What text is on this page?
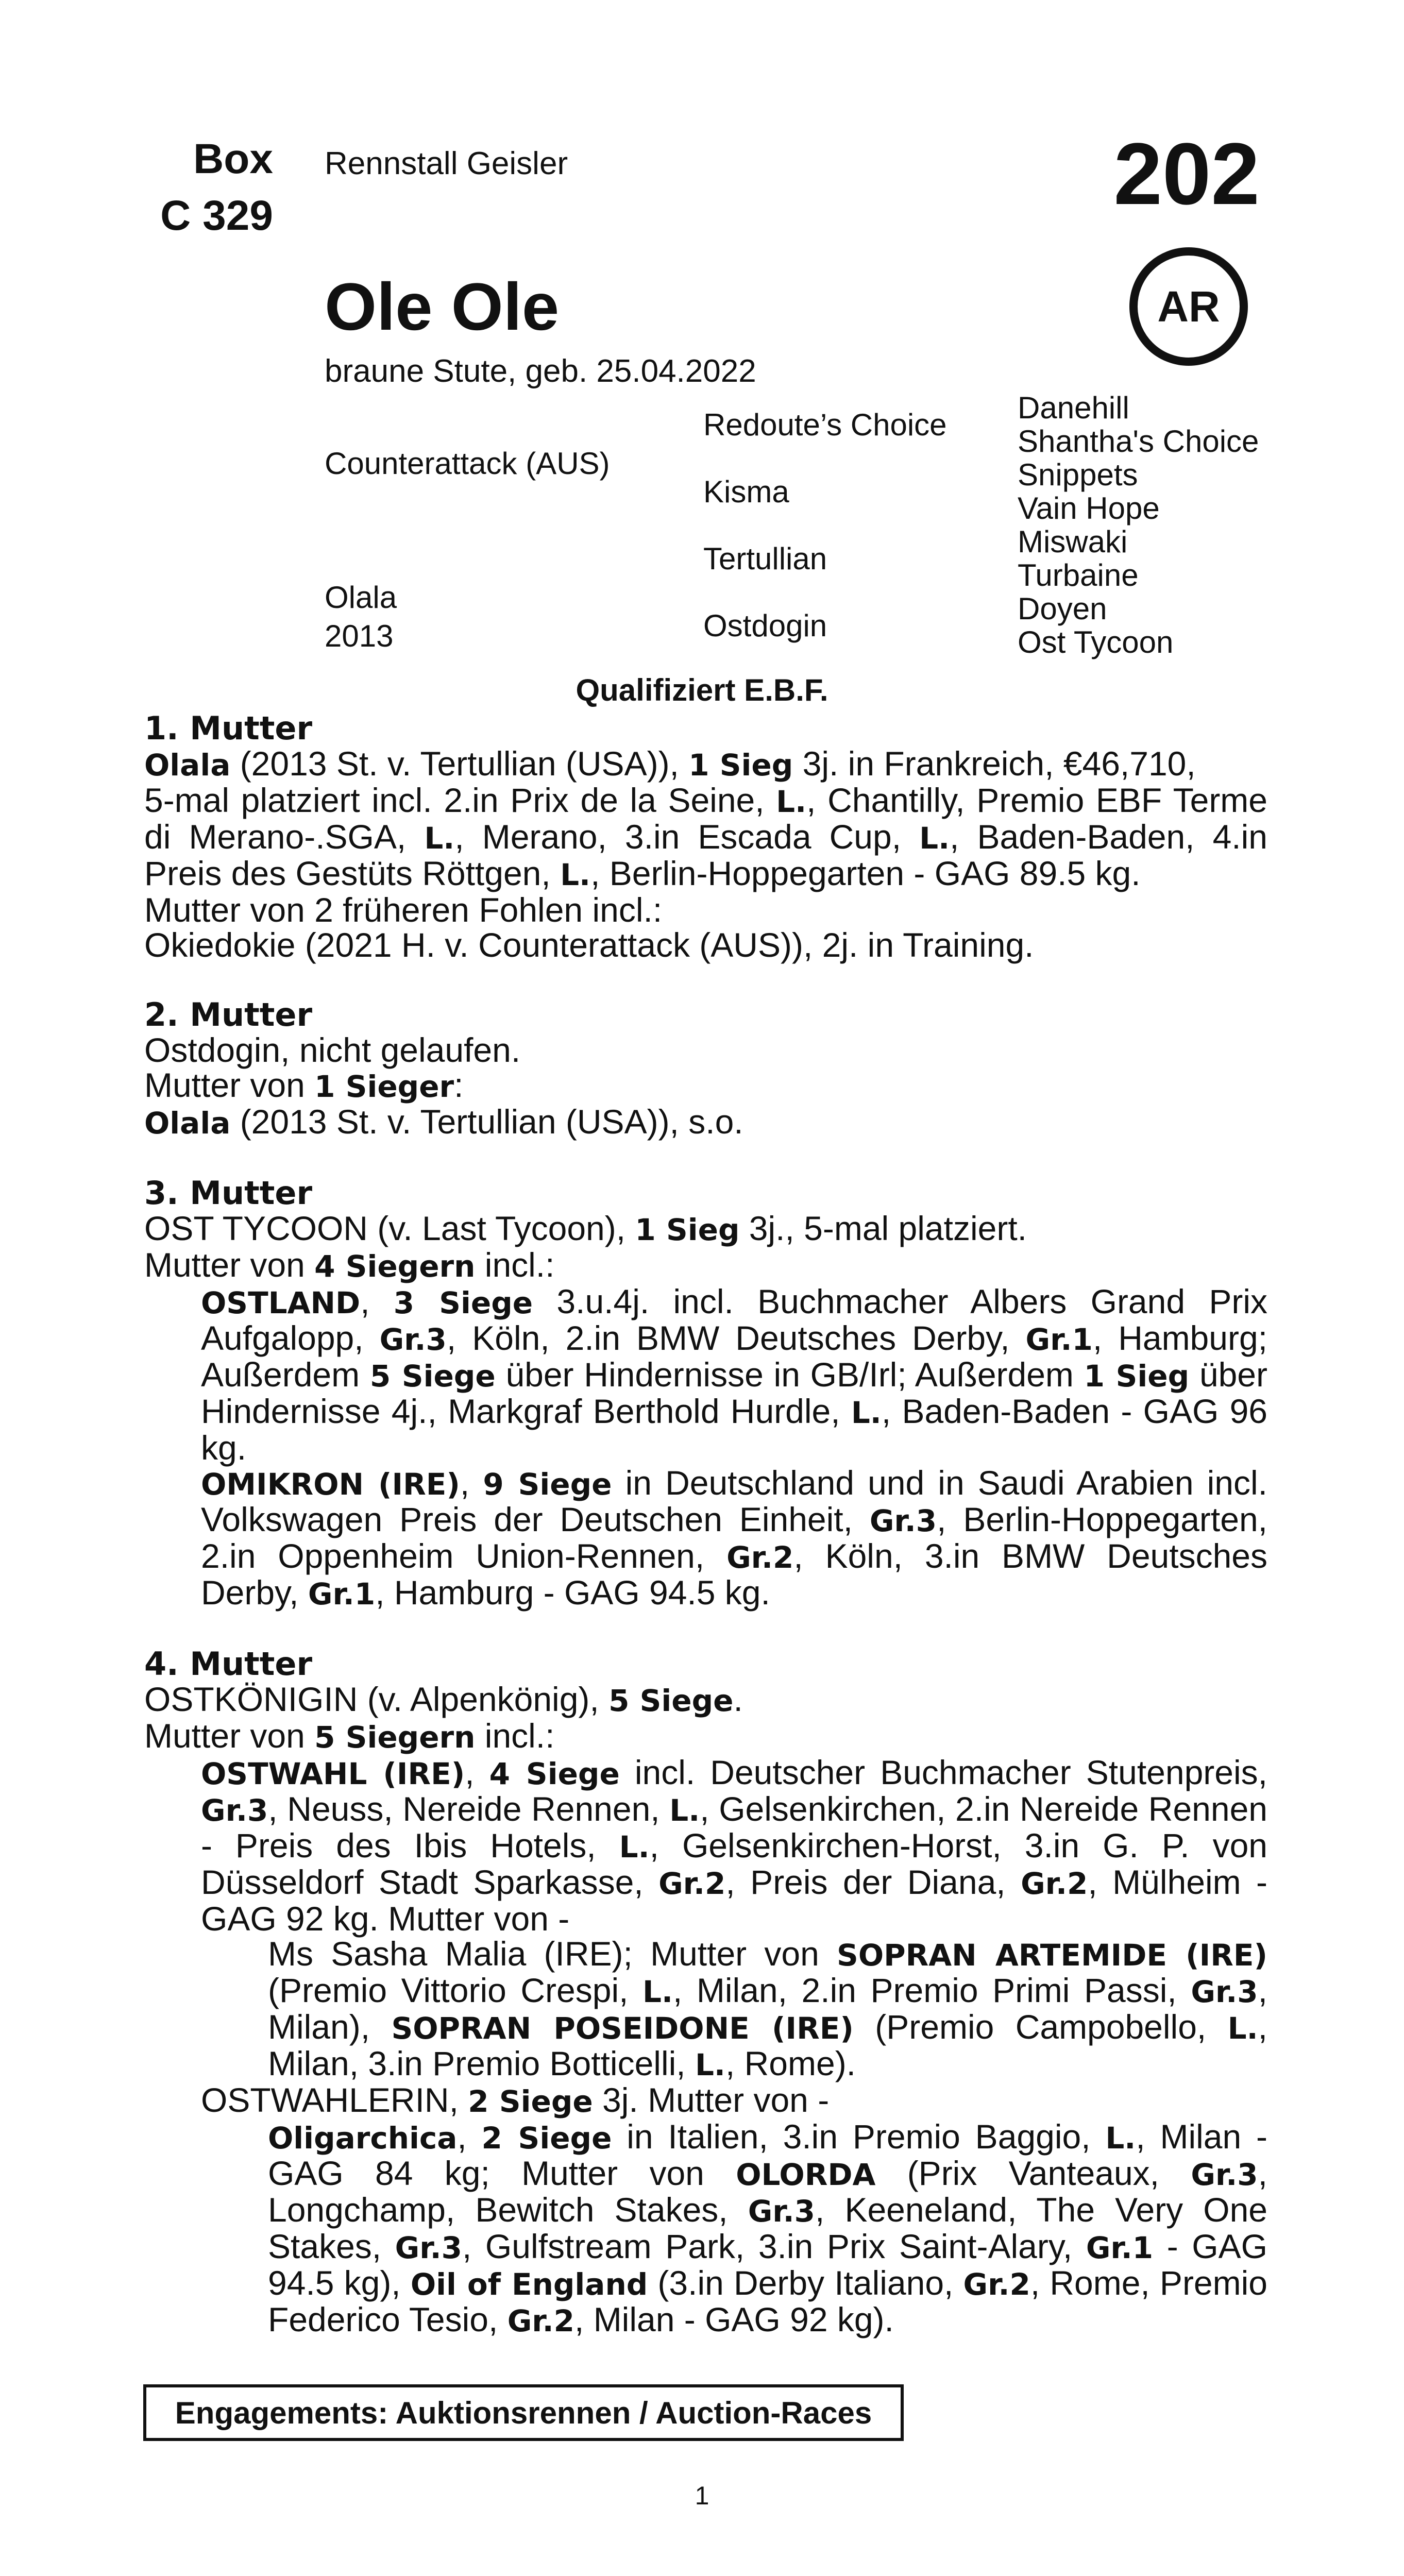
Box
C 329
Rennstall Geisler	202
AR
Ole Ole
braune Stute, geb. 25.04.2022
Counterattack (AUS)
Olala
2013
Redoute’s Choice
Kisma
Tertullian
Ostdogin
Danehill
Shantha's Choice
Snippets
Vain Hope
Miswaki
Turbaine
Doyen
Ost Tycoon
Qualifiziert E.B.F.

1. Mutter

Olala (2013 St. v. Tertullian (USA)), 1 Sieg 3j. in Frankreich, €46,710,

5-mal platziert incl. 2.in Prix de la Seine, L., Chantilly, Premio EBF Terme di Merano-.SGA, L., Merano, 3.in Escada Cup, L., Baden-Baden, 4.in Preis des Gestüts Röttgen, L., Berlin-Hoppegarten - GAG 89.5 kg.

Mutter von 2 früheren Fohlen incl.:

Okiedokie (2021 H. v. Counterattack (AUS)), 2j. in Training.

2. Mutter

Ostdogin, nicht gelaufen.

Mutter von 1 Sieger:

Olala (2013 St. v. Tertullian (USA)), s.o.

3. Mutter

OST TYCOON (v. Last Tycoon), 1 Sieg 3j., 5-mal platziert.

Mutter von 4 Siegern incl.:

OSTLAND, 3 Siege 3.u.4j. incl. Buchmacher Albers Grand Prix Aufgalopp, Gr.3, Köln, 2.in BMW Deutsches Derby, Gr.1, Hamburg; Außerdem 5 Siege über Hindernisse in GB/Irl; Außerdem 1 Sieg über Hindernisse 4j., Markgraf Berthold Hurdle, L., Baden-Baden - GAG 96 kg.

OMIKRON (IRE), 9 Siege in Deutschland und in Saudi Arabien incl. Volkswagen Preis der Deutschen Einheit, Gr.3, Berlin-Hoppegarten, 2.in Oppenheim Union-Rennen, Gr.2, Köln, 3.in BMW Deutsches Derby, Gr.1, Hamburg - GAG 94.5 kg.

4. Mutter

OSTKÖNIGIN (v. Alpenkönig), 5 Siege.

Mutter von 5 Siegern incl.:

OSTWAHL (IRE), 4 Siege incl. Deutscher Buchmacher Stutenpreis, Gr.3, Neuss, Nereide Rennen, L., Gelsenkirchen, 2.in Nereide Rennen - Preis des Ibis Hotels, L., Gelsenkirchen-Horst, 3.in G. P. von Düsseldorf Stadt Sparkasse, Gr.2, Preis der Diana, Gr.2, Mülheim - GAG 92 kg. Mutter von -

Ms Sasha Malia (IRE); Mutter von SOPRAN ARTEMIDE (IRE) (Premio Vittorio Crespi, L., Milan, 2.in Premio Primi Passi, Gr.3, Milan), SOPRAN POSEIDONE (IRE) (Premio Campobello, L., Milan, 3.in Premio Botticelli, L., Rome).

OSTWAHLERIN, 2 Siege 3j. Mutter von -

Oligarchica, 2 Siege in Italien, 3.in Premio Baggio, L., Milan - GAG 84 kg; Mutter von OLORDA (Prix Vanteaux, Gr.3, Longchamp, Bewitch Stakes, Gr.3, Keeneland, The Very One Stakes, Gr.3, Gulfstream Park, 3.in Prix Saint-Alary, Gr.1 - GAG 94.5 kg), Oil of England (3.in Derby Italiano, Gr.2, Rome, Premio Federico Tesio, Gr.2, Milan - GAG 92 kg).

Engagements: Auktionsrennen / Auction-Races
1
